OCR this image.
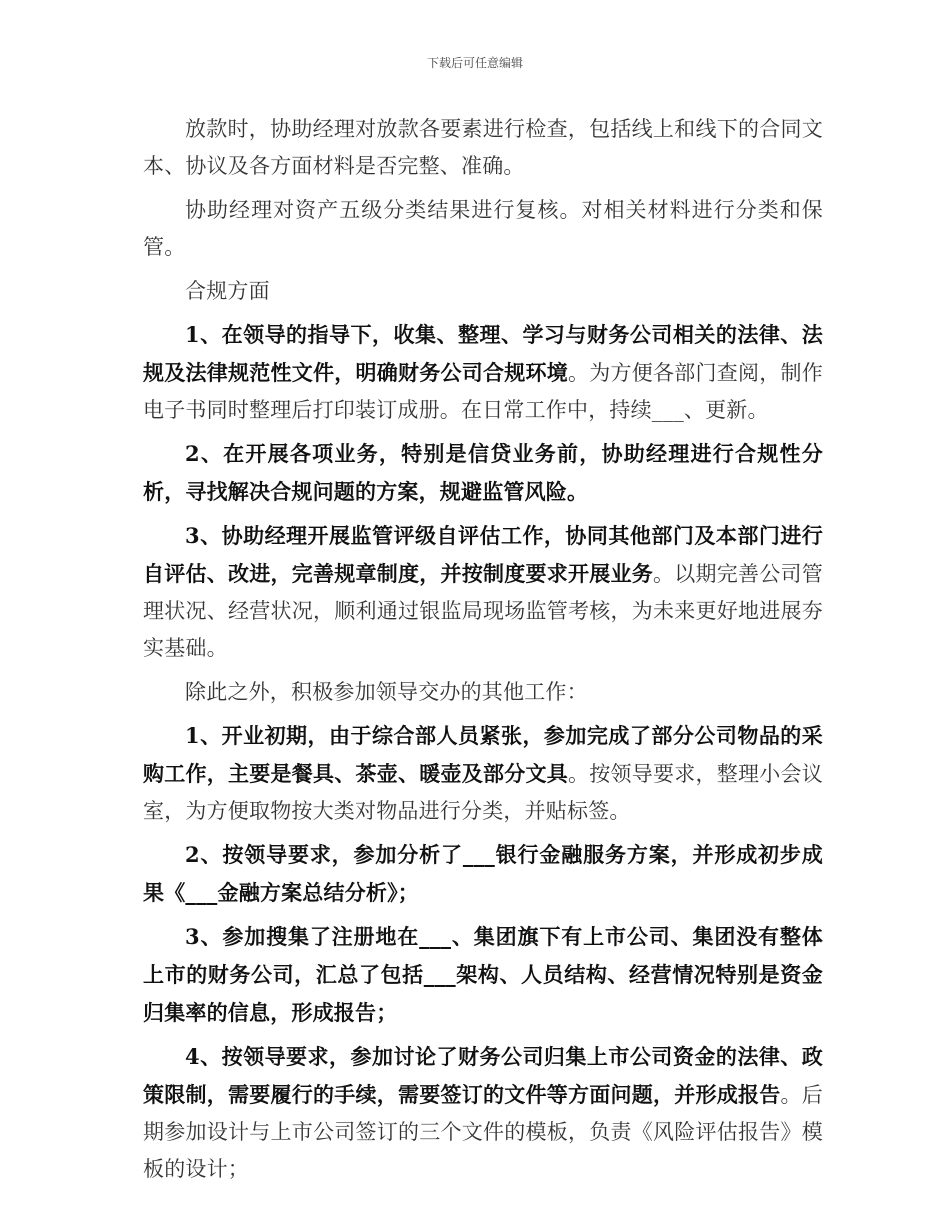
下载后可任意编辑

放款时，协助经理对放款各要素进行检查，包括线上和线下的合同文本、协议及各方面材料是否完整、准确。

协助经理对资产五级分类结果进行复核。对相关材料进行分类和保管。

合规方面

1、在领导的指导下，收集、整理、学习与财务公司相关的法律、法规及法律规范性文件，明确财务公司合规环境。为方便各部门查阅，制作电子书同时整理后打印装订成册。在日常工作中，持续___、更新。

2、在开展各项业务，特别是信贷业务前，协助经理进行合规性分析，寻找解决合规问题的方案，规避监管风险。

3、协助经理开展监管评级自评估工作，协同其他部门及本部门进行自评估、改进，完善规章制度，并按制度要求开展业务。以期完善公司管理状况、经营状况，顺利通过银监局现场监管考核，为未来更好地进展夯实基础。

除此之外，积极参加领导交办的其他工作：

1、开业初期，由于综合部人员紧张，参加完成了部分公司物品的采购工作，主要是餐具、茶壶、暖壶及部分文具。按领导要求，整理小会议室，为方便取物按大类对物品进行分类，并贴标签。

2、按领导要求，参加分析了___银行金融服务方案，并形成初步成果《___金融方案总结分析》；

3、参加搜集了注册地在___、集团旗下有上市公司、集团没有整体上市的财务公司，汇总了包括___架构、人员结构、经营情况特别是资金归集率的信息，形成报告；

4、按领导要求，参加讨论了财务公司归集上市公司资金的法律、政策限制，需要履行的手续，需要签订的文件等方面问题，并形成报告。后期参加设计与上市公司签订的三个文件的模板，负责《风险评估报告》模板的设计；
